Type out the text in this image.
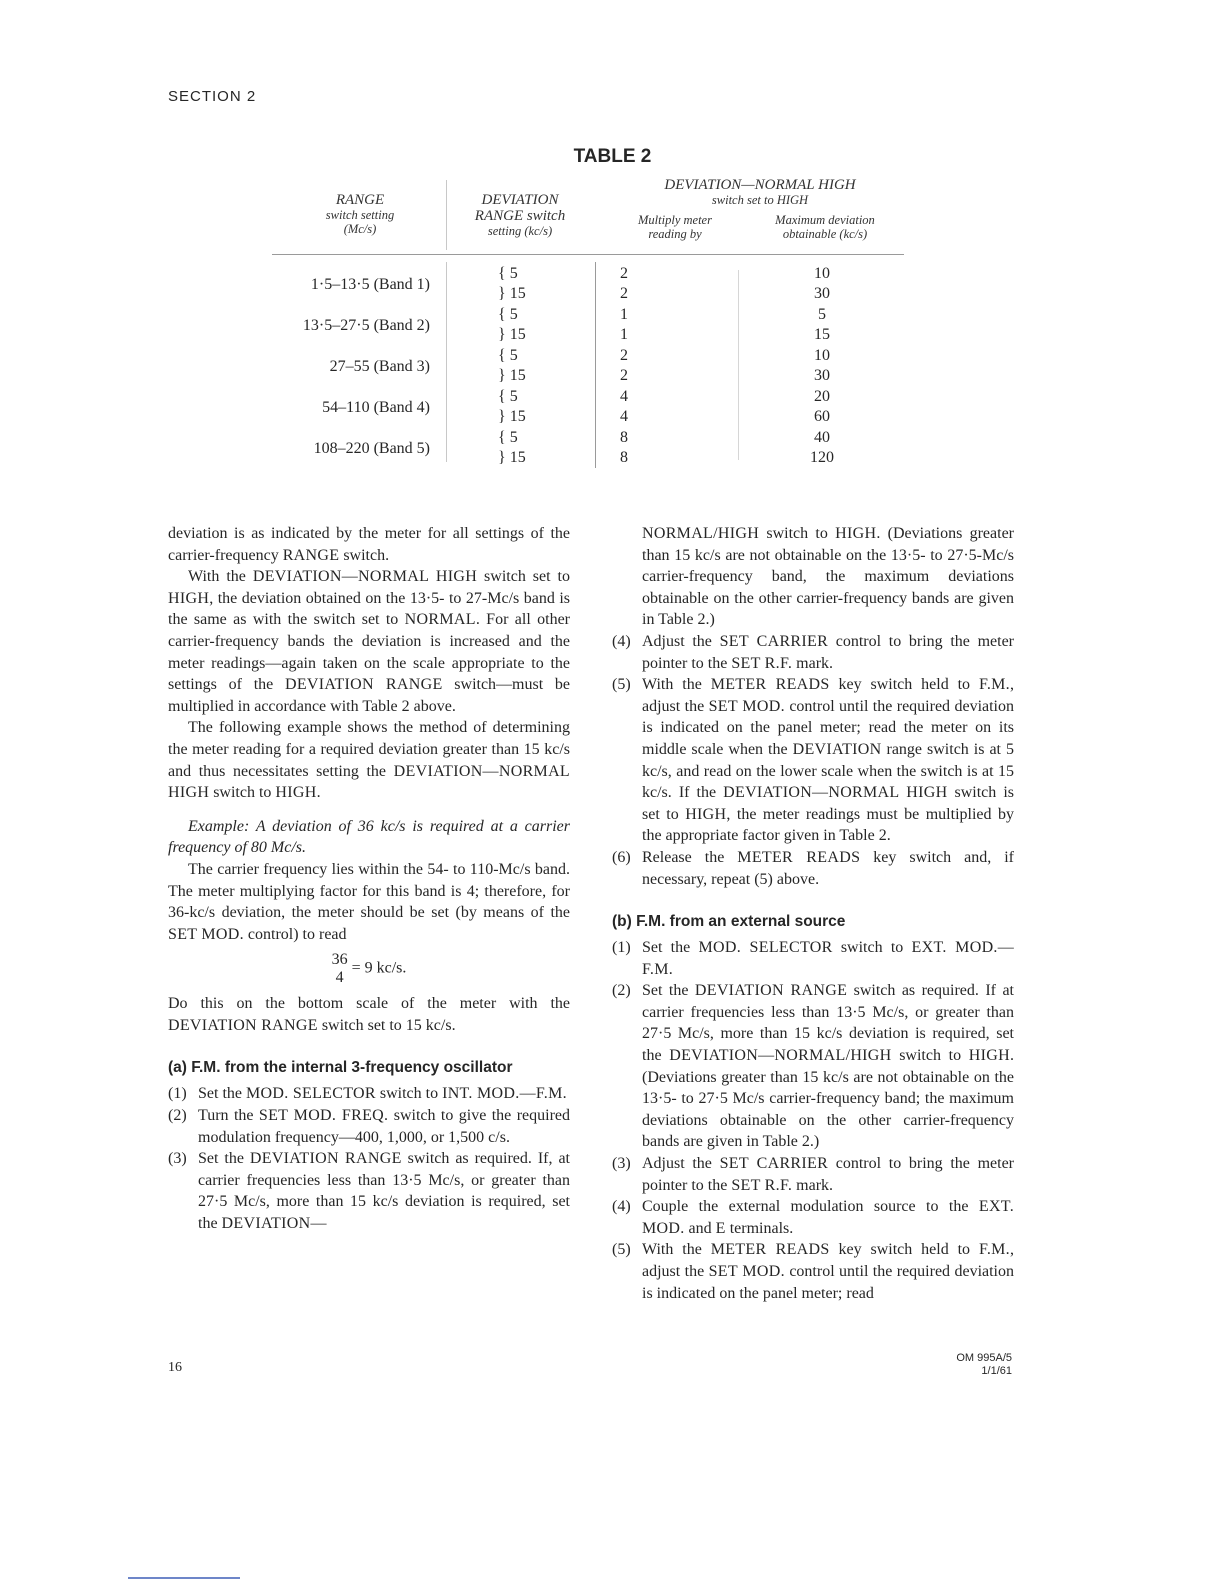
SECTION 2
TABLE 2
RANGE
switch setting
(Mc/s)
DEVIATION
RANGE switch
setting (kc/s)
DEVIATION—NORMAL HIGH
switch set to HIGH
Multiply meter
reading by
Maximum deviation
obtainable (kc/s)
1·5–13·5 (Band 1)
{ 5
} 15
2
2
10
30
13·5–27·5 (Band 2)
{ 5
} 15
1
1
5
15
27–55 (Band 3)
{ 5
} 15
2
2
10
30
54–110 (Band 4)
{ 5
} 15
4
4
20
60
108–220 (Band 5)
{ 5
} 15
8
8
40
120

deviation is as indicated by the meter for all settings of the carrier-frequency RANGE switch.

With the DEVIATION—NORMAL HIGH switch set to HIGH, the deviation obtained on the 13·5- to 27-Mc/s band is the same as with the switch set to NORMAL. For all other carrier-frequency bands the deviation is increased and the meter readings—again taken on the scale appropriate to the settings of the DEVIATION RANGE switch—must be multiplied in accordance with Table 2 above.

The following example shows the method of determining the meter reading for a required deviation greater than 15 kc/s and thus necessitates setting the DEVIATION—NORMAL HIGH switch to HIGH.

Example: A deviation of 36 kc/s is required at a carrier frequency of 80 Mc/s.

The carrier frequency lies within the 54- to 110-Mc/s band. The meter multiplying factor for this band is 4; therefore, for 36-kc/s deviation, the meter should be set (by means of the SET MOD. control) to read

36
4
= 9 kc/s.

Do this on the bottom scale of the meter with the DEVIATION RANGE switch set to 15 kc/s.

(a) F.M. from the internal 3-frequency oscillator

(1) Set the MOD. SELECTOR switch to INT. MOD.—F.M.

(2) Turn the SET MOD. FREQ. switch to give the required modulation frequency—400, 1,000, or 1,500 c/s.

(3) Set the DEVIATION RANGE switch as required. If, at carrier frequencies less than 13·5 Mc/s, or greater than 27·5 Mc/s, more than 15 kc/s deviation is required, set the DEVIATION—

NORMAL/HIGH switch to HIGH. (Deviations greater than 15 kc/s are not obtainable on the 13·5- to 27·5-Mc/s carrier-frequency band, the maximum deviations obtainable on the other carrier-frequency bands are given in Table 2.)

(4) Adjust the SET CARRIER control to bring the meter pointer to the SET R.F. mark.

(5) With the METER READS key switch held to F.M., adjust the SET MOD. control until the required deviation is indicated on the panel meter; read the meter on its middle scale when the DEVIATION range switch is at 5 kc/s, and read on the lower scale when the switch is at 15 kc/s. If the DEVIATION—NORMAL HIGH switch is set to HIGH, the meter readings must be multiplied by the appropriate factor given in Table 2.

(6) Release the METER READS key switch and, if necessary, repeat (5) above.

(b) F.M. from an external source

(1) Set the MOD. SELECTOR switch to EXT. MOD.—F.M.

(2) Set the DEVIATION RANGE switch as required. If at carrier frequencies less than 13·5 Mc/s, or greater than 27·5 Mc/s, more than 15 kc/s deviation is required, set the DEVIATION—NORMAL/HIGH switch to HIGH. (Deviations greater than 15 kc/s are not obtainable on the 13·5- to 27·5 Mc/s carrier-frequency band; the maximum deviations obtainable on the other carrier-frequency bands are given in Table 2.)

(3) Adjust the SET CARRIER control to bring the meter pointer to the SET R.F. mark.

(4) Couple the external modulation source to the EXT. MOD. and E terminals.

(5) With the METER READS key switch held to F.M., adjust the SET MOD. control until the required deviation is indicated on the panel meter; read

16
OM 995A/5
1/1/61
